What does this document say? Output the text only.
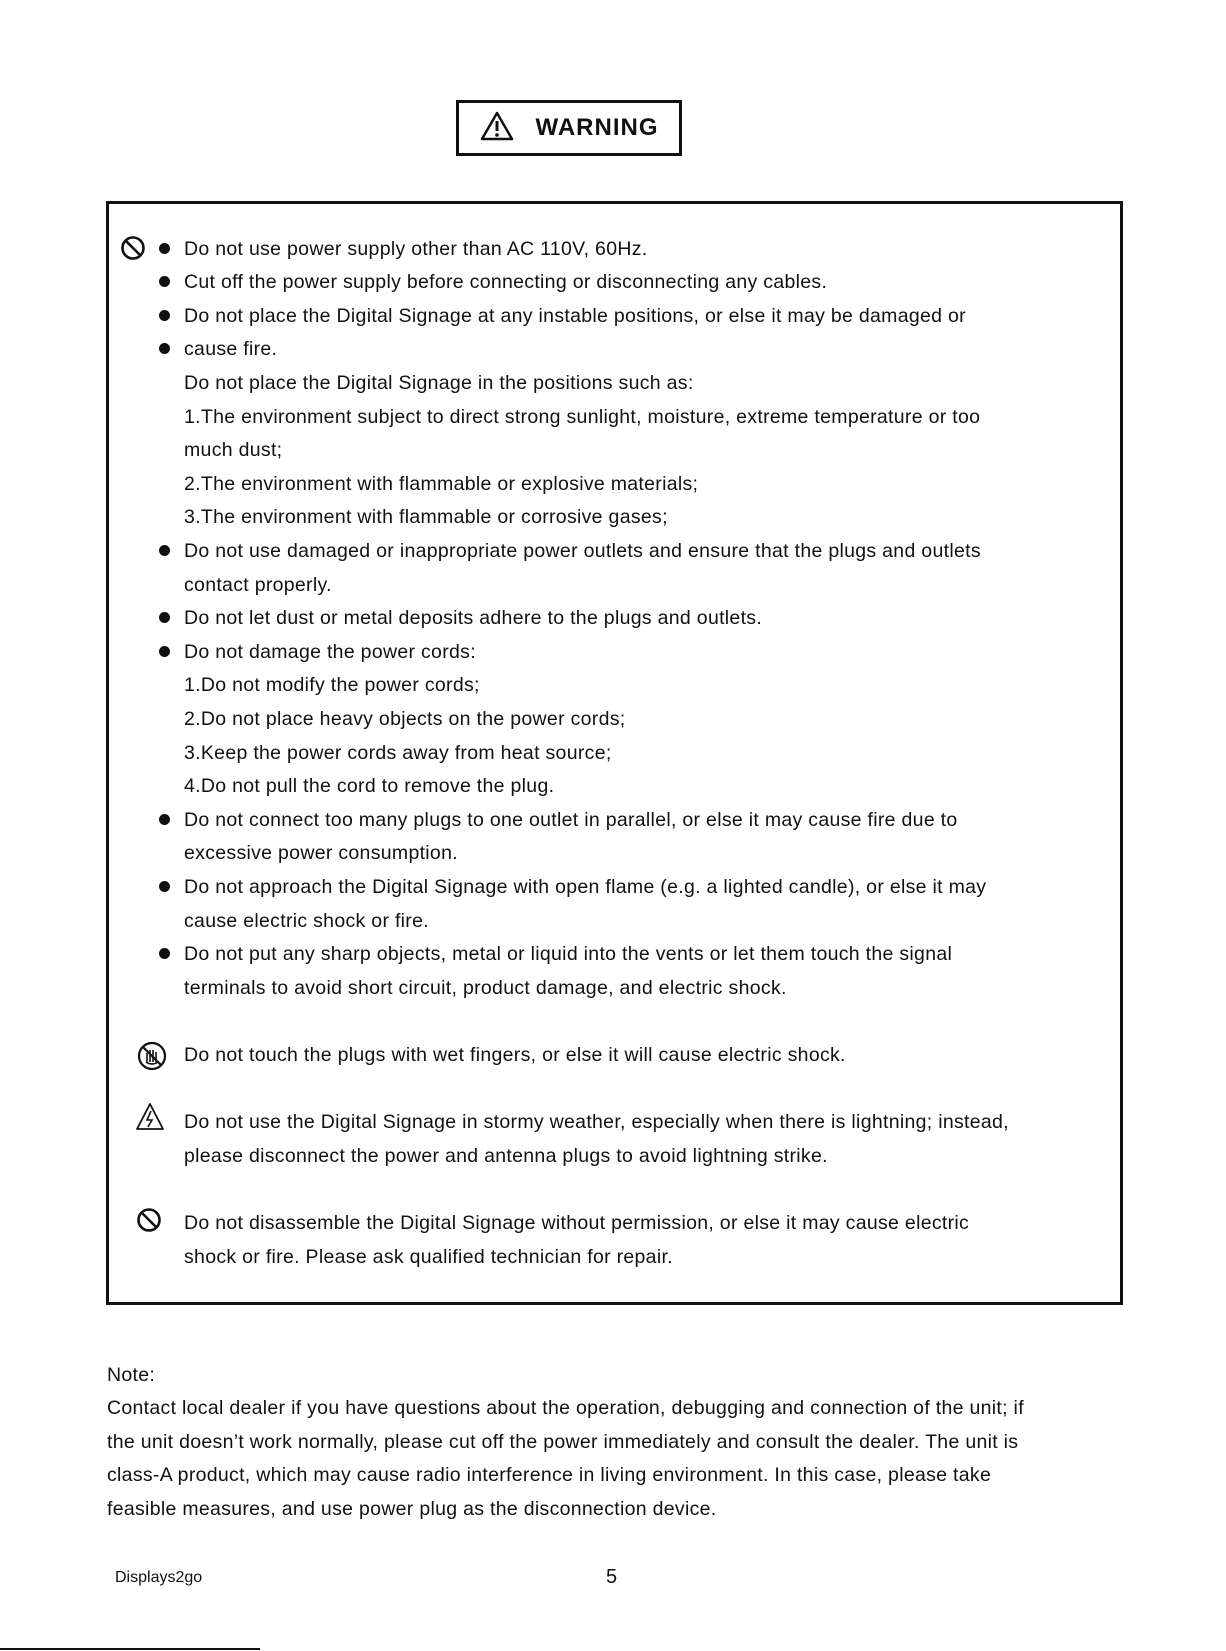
WARNING
Do not use power supply other than AC 110V, 60Hz.
Cut off the power supply before connecting or disconnecting any cables.
Do not place the Digital Signage at any instable positions, or else it may be damaged or
cause fire.
Do not place the Digital Signage in the positions such as:
1.The environment subject to direct strong sunlight, moisture, extreme temperature or too
much dust;
2.The environment with flammable or explosive materials;
3.The environment with flammable or corrosive gases;
Do not use damaged or inappropriate power outlets and ensure that the plugs and outlets
contact properly.
Do not let dust or metal deposits adhere to the plugs and outlets.
Do not damage the power cords:
1.Do not modify the power cords;
2.Do not place heavy objects on the power cords;
3.Keep the power cords away from heat source;
4.Do not pull the cord to remove the plug.
Do not connect too many plugs to one outlet in parallel, or else it may cause fire due to
excessive power consumption.
Do not approach the Digital Signage with open flame (e.g. a lighted candle), or else it may
cause electric shock or fire.
Do not put any sharp objects, metal or liquid into the vents or let them touch the signal
terminals to avoid short circuit, product damage, and electric shock.
Do not touch the plugs with wet fingers, or else it will cause electric shock.
Do not use the Digital Signage in stormy weather, especially when there is lightning; instead,
please disconnect the power and antenna plugs to avoid lightning strike.
Do not disassemble the Digital Signage without permission, or else it may cause electric
shock or fire. Please ask qualified technician for repair.
Note:
Contact local dealer if you have questions about the operation, debugging and connection of the unit; if
the unit doesn’t work normally, please cut off the power immediately and consult the dealer. The unit is
class-A product, which may cause radio interference in living environment. In this case, please take
feasible measures, and use power plug as the disconnection device.
Displays2go	5
